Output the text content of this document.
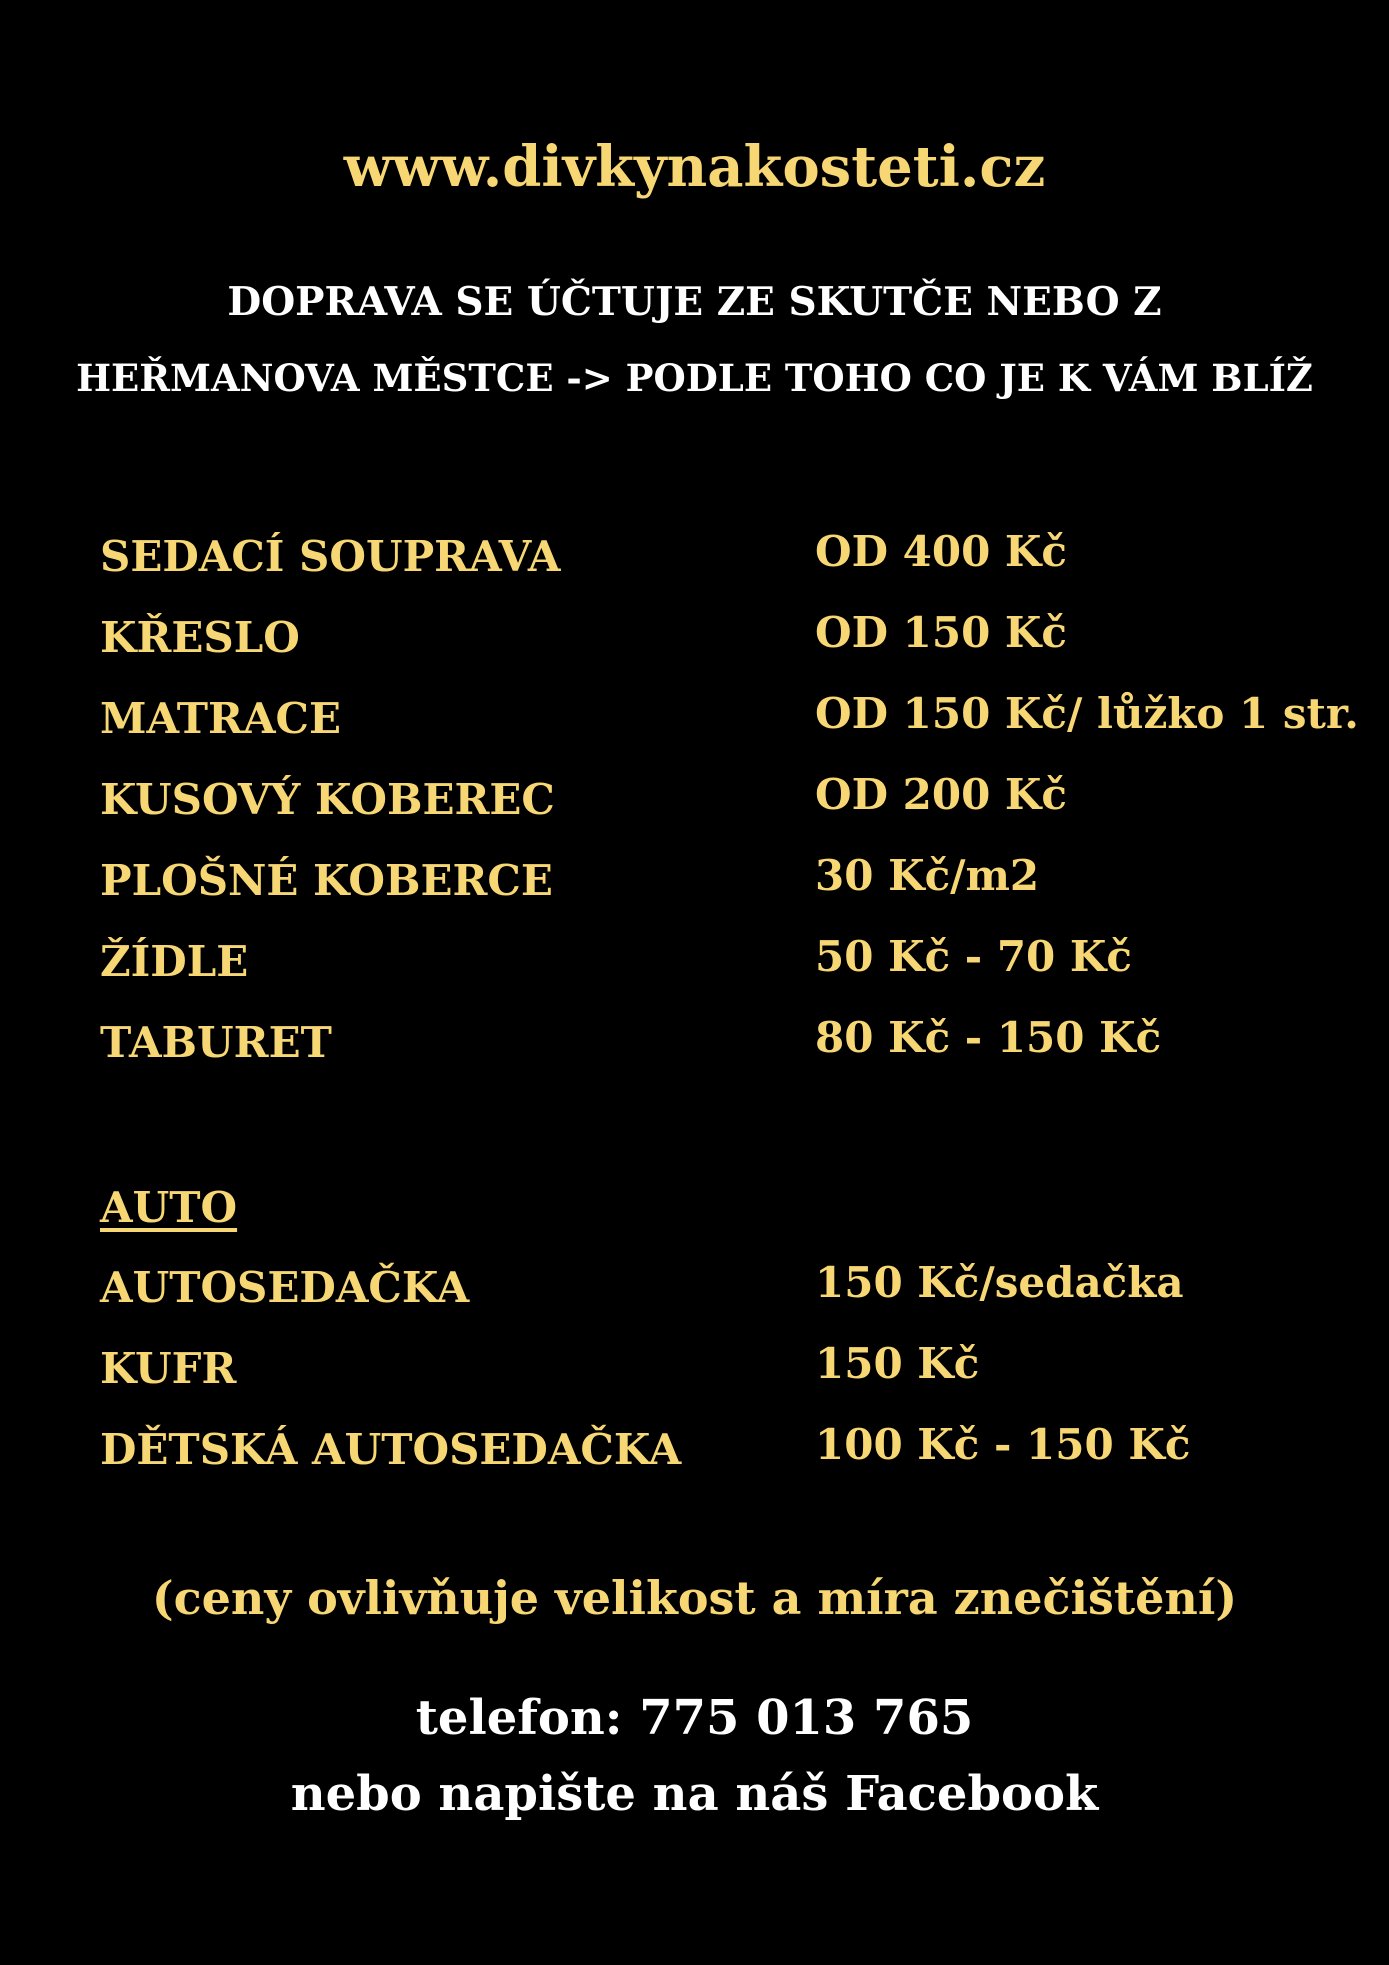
www.divkynakosteti.cz
DOPRAVA SE ÚČTUJE ZE SKUTČE NEBO Z
HEŘMANOVA MĚSTCE -> PODLE TOHO CO JE K VÁM BLÍŽ
SEDACÍ SOUPRAVA	OD 400 Kč
KŘESLO	OD 150 Kč
MATRACE	OD 150 Kč/ lůžko 1 str.
KUSOVÝ KOBEREC	OD 200 Kč
PLOŠNÉ KOBERCE	30 Kč/m2
ŽÍDLE	50 Kč - 70 Kč
TABURET	80 Kč - 150 Kč
AUTO
AUTOSEDAČKA	150 Kč/sedačka
KUFR	150 Kč
DĚTSKÁ AUTOSEDAČKA	100 Kč - 150 Kč
(ceny ovlivňuje velikost a míra znečištění)
telefon: 775 013 765
nebo napište na náš Facebook
